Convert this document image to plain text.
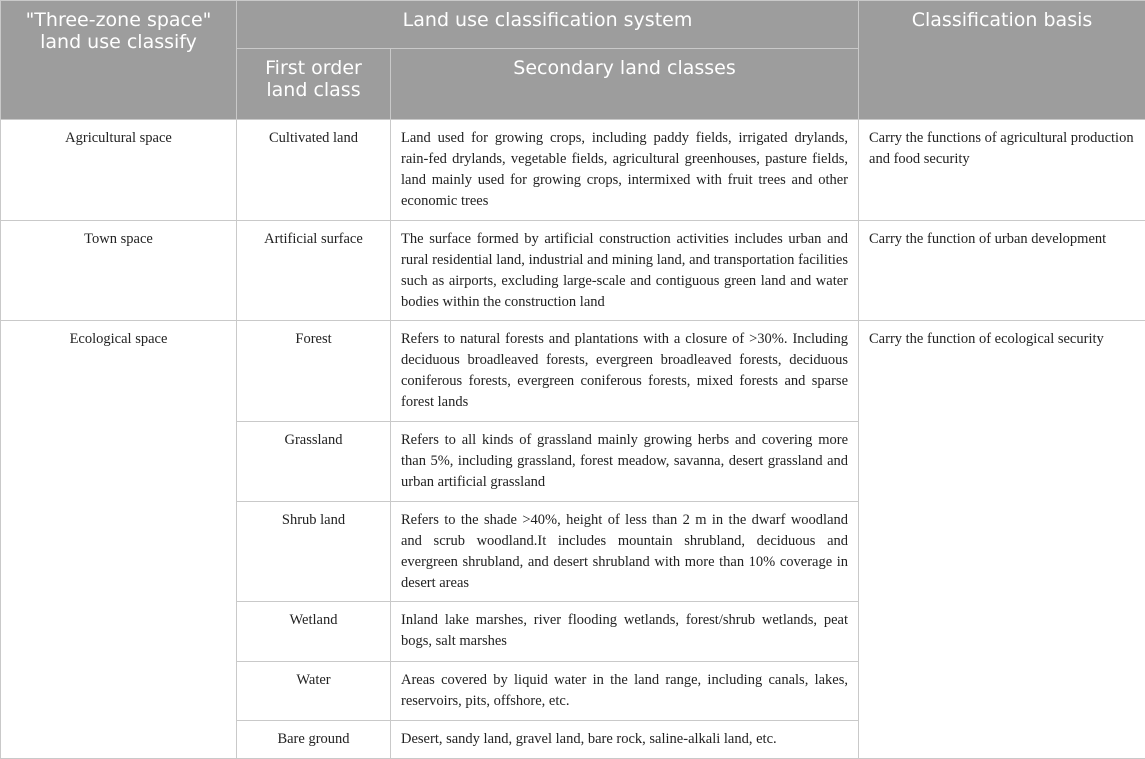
"Three-zone space" land use classify	Land use classification system		Classification basis
	First order land class	Secondary land classes	
Agricultural space	Cultivated land	Land used for growing crops, including paddy fields, irrigated drylands, rain-fed drylands, vegetable fields, agricultural greenhouses, pasture fields, land mainly used for growing crops, intermixed with fruit trees and other economic trees	Carry the functions of agricultural production and food security
Town space	Artificial surface	The surface formed by artificial construction activities includes urban and rural residential land, industrial and mining land, and transportation facilities such as airports, excluding large-scale and contiguous green land and water bodies within the construction land	Carry the function of urban development
Ecological space	Forest	Refers to natural forests and plantations with a closure of >30%. Including deciduous broadleaved forests, evergreen broadleaved forests, deciduous coniferous forests, evergreen coniferous forests, mixed forests and sparse forest lands	Carry the function of ecological security
	Grassland	Refers to all kinds of grassland mainly growing herbs and covering more than 5%, including grassland, forest meadow, savanna, desert grassland and urban artificial grassland	
	Shrub land	Refers to the shade >40%, height of less than 2 m in the dwarf woodland and scrub woodland.It includes mountain shrubland, deciduous and evergreen shrubland, and desert shrubland with more than 10% coverage in desert areas	
	Wetland	Inland lake marshes, river flooding wetlands, forest/shrub wetlands, peat bogs, salt marshes	
	Water	Areas covered by liquid water in the land range, including canals, lakes, reservoirs, pits, offshore, etc.	
	Bare ground	Desert, sandy land, gravel land, bare rock, saline-alkali land, etc.	
